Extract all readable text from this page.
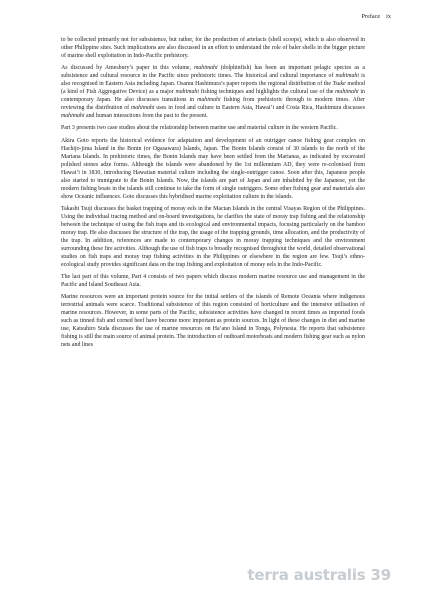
Preface ix

to be collected primarily not for subsistence, but rather, for the production of artefacts (shell scoops), which is also observed in other Philippine sites. Such implications are also discussed in an effort to understand the role of baler shells in the bigger picture of marine shell exploitation in Indo-Pacific prehistory.

As discussed by Amesbury’s paper in this volume, mahimahi (dolphinfish) has been an important pelagic species as a subsistence and cultural resource in the Pacific since prehistoric times. The historical and cultural importance of mahimahi is also recognised in Eastern Asia including Japan. Osamu Hashimura’s paper reports the regional distribution of the Tsuke method (a kind of Fish Aggregative Device) as a major mahimahi fishing techniques and highlights the cultural use of the mahimahi in contemporary Japan. He also discusses transitions in mahimahi fishing from prehistoric through to modern times. After reviewing the distribution of mahimahi uses in food and culture in Eastern Asia, Hawai’i and Costa Rica, Hashimura discusses mahimahi and human interactions from the past to the present.

Part 3 presents two case studies about the relationship between marine use and material culture in the western Pacific.

Akira Goto reports the historical evidence for adaptation and development of an outrigger canoe fishing gear complex on Hachijo-jima Island in the Bonin (or Ogasawara) Islands, Japan. The Bonin Islands consist of 30 islands to the north of the Mariana Islands. In prehistoric times, the Bonin Islands may have been settled from the Marianas, as indicated by excavated polished stones adze forms. Although the islands were abandoned by the 1st millennium AD, they were re-colonised from Hawai’i in 1830, introducing Hawaiian material culture including the single-outrigger canoe. Soon after this, Japanese people also started to immigrate to the Bonin Islands. Now, the islands are part of Japan and are inhabited by the Japanese, yet the modern fishing boats in the islands still continue to take the form of single outriggers. Some other fishing gear and materials also show Oceanic influences. Goto discusses this hybridised marine exploitation culture in the islands.

Takashi Tsuji discusses the basket trapping of moray eels in the Mactan Islands in the central Visayas Region of the Philippines. Using the individual tracing method and on-board investigations, he clarifies the state of moray trap fishing and the relationship between the technique of using the fish traps and its ecological and environmental impacts, focusing particularly on the bamboo moray trap. He also discusses the structure of the trap, the usage of the trapping grounds, time allocation, and the productivity of the trap. In addition, references are made to contemporary changes in moray trapping techniques and the environment surrounding these fire activities. Although the use of fish traps is broadly recognised throughout the world, detailed observational studies on fish traps and moray trap fishing activities in the Philippines or elsewhere in the region are few. Tsuji’s ethno-ecological study provides significant data on the trap fishing and exploitation of moray eels in the Indo-Pacific.

The last part of this volume, Part 4 consists of two papers which discuss modern marine resource use and management in the Pacific and Island Southeast Asia.

Marine resources were an important protein source for the initial settlers of the islands of Remote Oceania where indigenous terrestrial animals were scarce. Traditional subsistence of this region consisted of horticulture and the intensive utilisation of marine resources. However, in some parts of the Pacific, subsistence activities have changed in recent times as imported foods such as tinned fish and corned beef have become more important as protein sources. In light of these changes in diet and marine use, Katsuhiro Suda discusses the use of marine resources on Ha’ano Island in Tonga, Polynesia. He reports that subsistence fishing is still the main source of animal protein. The introduction of outboard motorboats and modern fishing gear such as nylon nets and lines

terra australis 39
